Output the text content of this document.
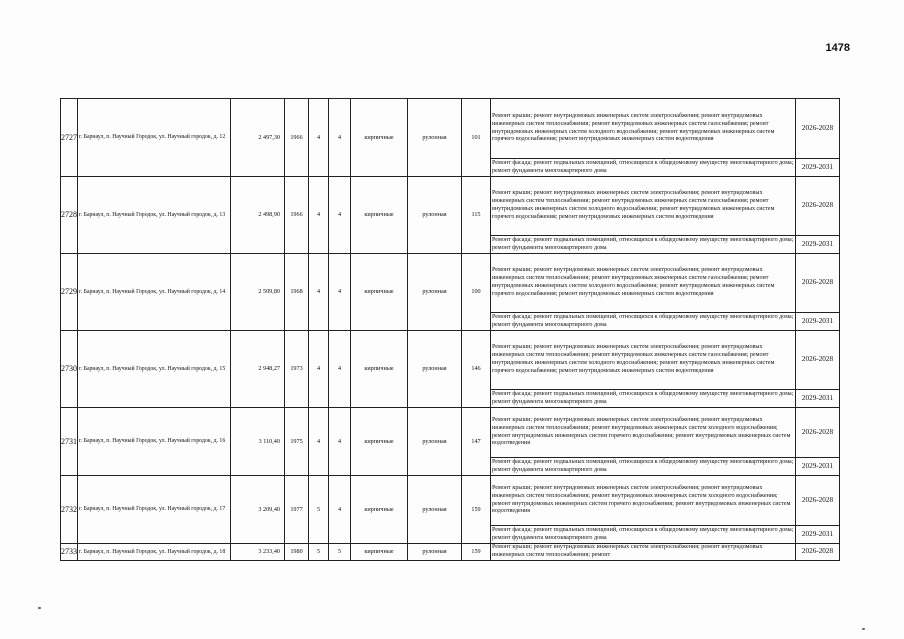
1478
2727	г. Барнаул, п. Научный Городок, ул. Научный городок, д. 12	2 497,30	1966	4	4	кирпичные	рулонная	101	Ремонт крыши; ремонт внутридомовых инженерных систем электроснабжения; ремонт внутридомовых инженерных систем теплоснабжения; ремонт внутридомовых инженерных систем газоснабжения; ремонт внутридомовых инженерных систем холодного водоснабжения; ремонт внутридомовых инженерных систем горячего водоснабжения; ремонт внутридомовых инженерных систем водоотведения	2026-2028
									Ремонт фасада; ремонт подвальных помещений, относящихся к общедомовому имуществу многоквартирного дома; ремонт фундамента многоквартирного дома	2029-2031
2728	г. Барнаул, п. Научный Городок, ул. Научный городок, д. 13	2 498,90	1966	4	4	кирпичные	рулонная	115	Ремонт крыши; ремонт внутридомовых инженерных систем электроснабжения; ремонт внутридомовых инженерных систем теплоснабжения; ремонт внутридомовых инженерных систем газоснабжения; ремонт внутридомовых инженерных систем холодного водоснабжения; ремонт внутридомовых инженерных систем горячего водоснабжения; ремонт внутридомовых инженерных систем водоотведения	2026-2028
									Ремонт фасада; ремонт подвальных помещений, относящихся к общедомовому имуществу многоквартирного дома; ремонт фундамента многоквартирного дома	2029-2031
2729	г. Барнаул, п. Научный Городок, ул. Научный городок, д. 14	2 509,80	1968	4	4	кирпичные	рулонная	100	Ремонт крыши; ремонт внутридомовых инженерных систем электроснабжения; ремонт внутридомовых инженерных систем теплоснабжения; ремонт внутридомовых инженерных систем газоснабжения; ремонт внутридомовых инженерных систем холодного водоснабжения; ремонт внутридомовых инженерных систем горячего водоснабжения; ремонт внутридомовых инженерных систем водоотведения	2026-2028
									Ремонт фасада; ремонт подвальных помещений, относящихся к общедомовому имуществу многоквартирного дома; ремонт фундамента многоквартирного дома	2029-2031
2730	г. Барнаул, п. Научный Городок, ул. Научный городок, д. 15	2 948,27	1973	4	4	кирпичные	рулонная	146	Ремонт крыши; ремонт внутридомовых инженерных систем электроснабжения; ремонт внутридомовых инженерных систем теплоснабжения; ремонт внутридомовых инженерных систем газоснабжения; ремонт внутридомовых инженерных систем холодного водоснабжения; ремонт внутридомовых инженерных систем горячего водоснабжения; ремонт внутридомовых инженерных систем водоотведения	2026-2028
									Ремонт фасада; ремонт подвальных помещений, относящихся к общедомовому имуществу многоквартирного дома; ремонт фундамента многоквартирного дома	2029-2031
2731	г. Барнаул, п. Научный Городок, ул. Научный городок, д. 16	3 110,40	1975	4	4	кирпичные	рулонная	147	Ремонт крыши; ремонт внутридомовых инженерных систем электроснабжения; ремонт внутридомовых инженерных систем теплоснабжения; ремонт внутридомовых инженерных систем холодного водоснабжения; ремонт внутридомовых инженерных систем горячего водоснабжения; ремонт внутридомовых инженерных систем водоотведения	2026-2028
									Ремонт фасада; ремонт подвальных помещений, относящихся к общедомовому имуществу многоквартирного дома; ремонт фундамента многоквартирного дома	2029-2031
2732	г. Барнаул, п. Научный Городок, ул. Научный городок, д. 17	3 209,40	1977	5	4	кирпичные	рулонная	159	Ремонт крыши; ремонт внутридомовых инженерных систем электроснабжения; ремонт внутридомовых инженерных систем теплоснабжения; ремонт внутридомовых инженерных систем холодного водоснабжения; ремонт внутридомовых инженерных систем горячего водоснабжения; ремонт внутридомовых инженерных систем водоотведения	2026-2028
									Ремонт фасада; ремонт подвальных помещений, относящихся к общедомовому имуществу многоквартирного дома; ремонт фундамента многоквартирного дома	2029-2031
2733	г. Барнаул, п. Научный Городок, ул. Научный городок, д. 18	3 233,40	1980	5	5	кирпичные	рулонная	159	Ремонт крыши; ремонт внутридомовых инженерных систем электроснабжения; ремонт внутридомовых инженерных систем теплоснабжения; ремонт	2026-2028
